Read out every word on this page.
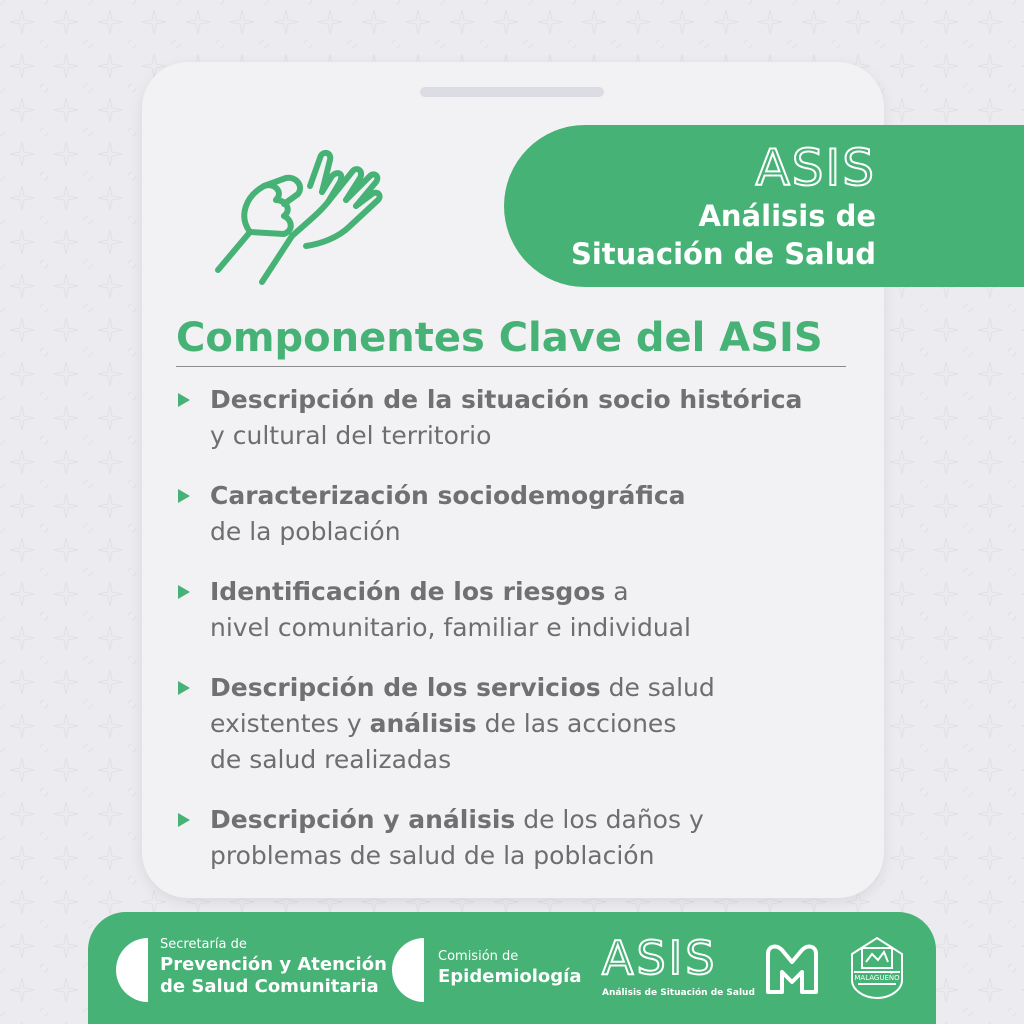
ASIS
Análisis de
Situación de Salud
Componentes Clave del ASIS
Descripción de la situación socio histórica
y cultural del territorio
Caracterización sociodemográfica
de la población
Identificación de los riesgos a
nivel comunitario, familiar e individual
Descripción de los servicios de salud
existentes y análisis de las acciones
de salud realizadas
Descripción y análisis de los daños y
problemas de salud de la población
Secretaría de
Prevención y Atención
de Salud Comunitaria
Comisión de
Epidemiología ASIS
Análisis de Situación de Salud
MALAGUEÑO
